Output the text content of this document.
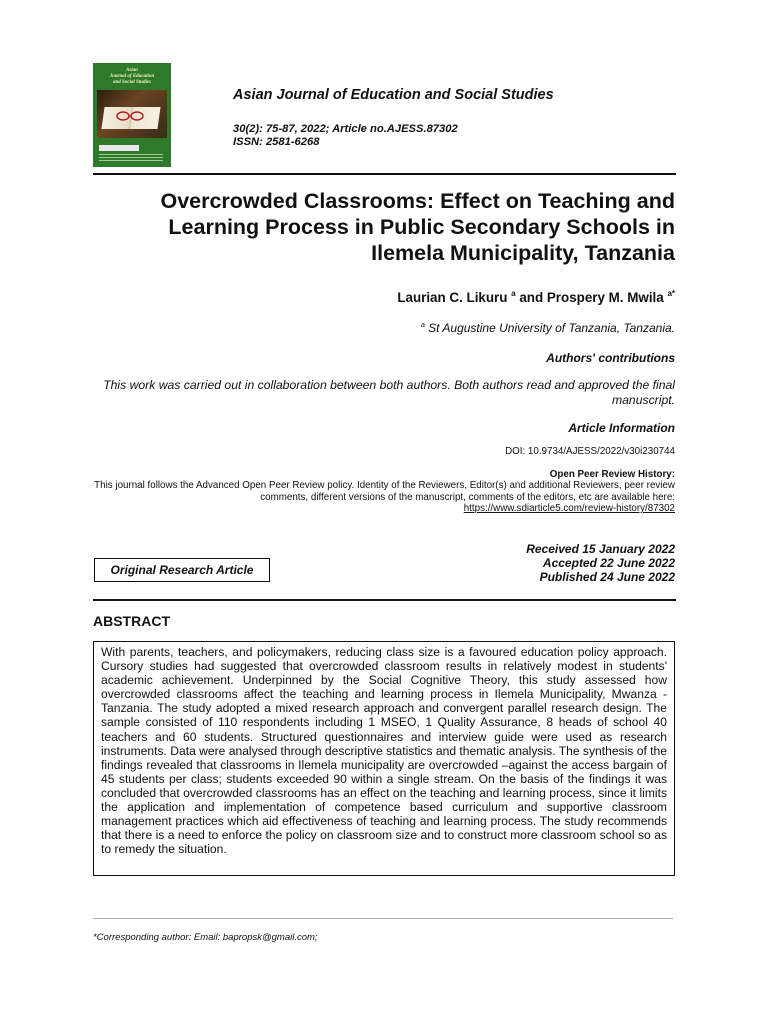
Asian
Journal of Education
and Social Studies
Asian Journal of Education and Social Studies
30(2): 75-87, 2022; Article no.AJESS.87302
ISSN: 2581-6268
Overcrowded Classrooms: Effect on Teaching and
Learning Process in Public Secondary Schools in
Ilemela Municipality, Tanzania
Laurian C. Likuru $^a$ and Prospery M. Mwila $^{a*}$
$^a$ St Augustine University of Tanzania, Tanzania.
Authors' contributions
This work was carried out in collaboration between both authors. Both authors read and approved the final manuscript.
Article Information
DOI: 10.9734/AJESS/2022/v30i230744
Open Peer Review History:
This journal follows the Advanced Open Peer Review policy. Identity of the Reviewers, Editor(s) and additional Reviewers, peer review comments, different versions of the manuscript, comments of the editors, etc are available here:
https://www.sdiarticle5.com/review-history/87302
Original Research Article
Received 15 January 2022
Accepted 22 June 2022
Published 24 June 2022
ABSTRACT
With parents, teachers, and policymakers, reducing class size is a favoured education policy approach. Cursory studies had suggested that overcrowded classroom results in relatively modest in students' academic achievement. Underpinned by the Social Cognitive Theory, this study assessed how overcrowded classrooms affect the teaching and learning process in Ilemela Municipality, Mwanza -Tanzania. The study adopted a mixed research approach and convergent parallel research design. The sample consisted of 110 respondents including 1 MSEO, 1 Quality Assurance, 8 heads of school 40 teachers and 60 students. Structured questionnaires and interview guide were used as research instruments. Data were analysed through descriptive statistics and thematic analysis. The synthesis of the findings revealed that classrooms in Ilemela municipality are overcrowded –against the access bargain of 45 students per class; students exceeded 90 within a single stream. On the basis of the findings it was concluded that overcrowded classrooms has an effect on the teaching and learning process, since it limits the application and implementation of competence based curriculum and supportive classroom management practices which aid effectiveness of teaching and learning process. The study recommends that there is a need to enforce the policy on classroom size and to construct more classroom school so as to remedy the situation.
*Corresponding author: Email: bapropsk@gmail.com;
